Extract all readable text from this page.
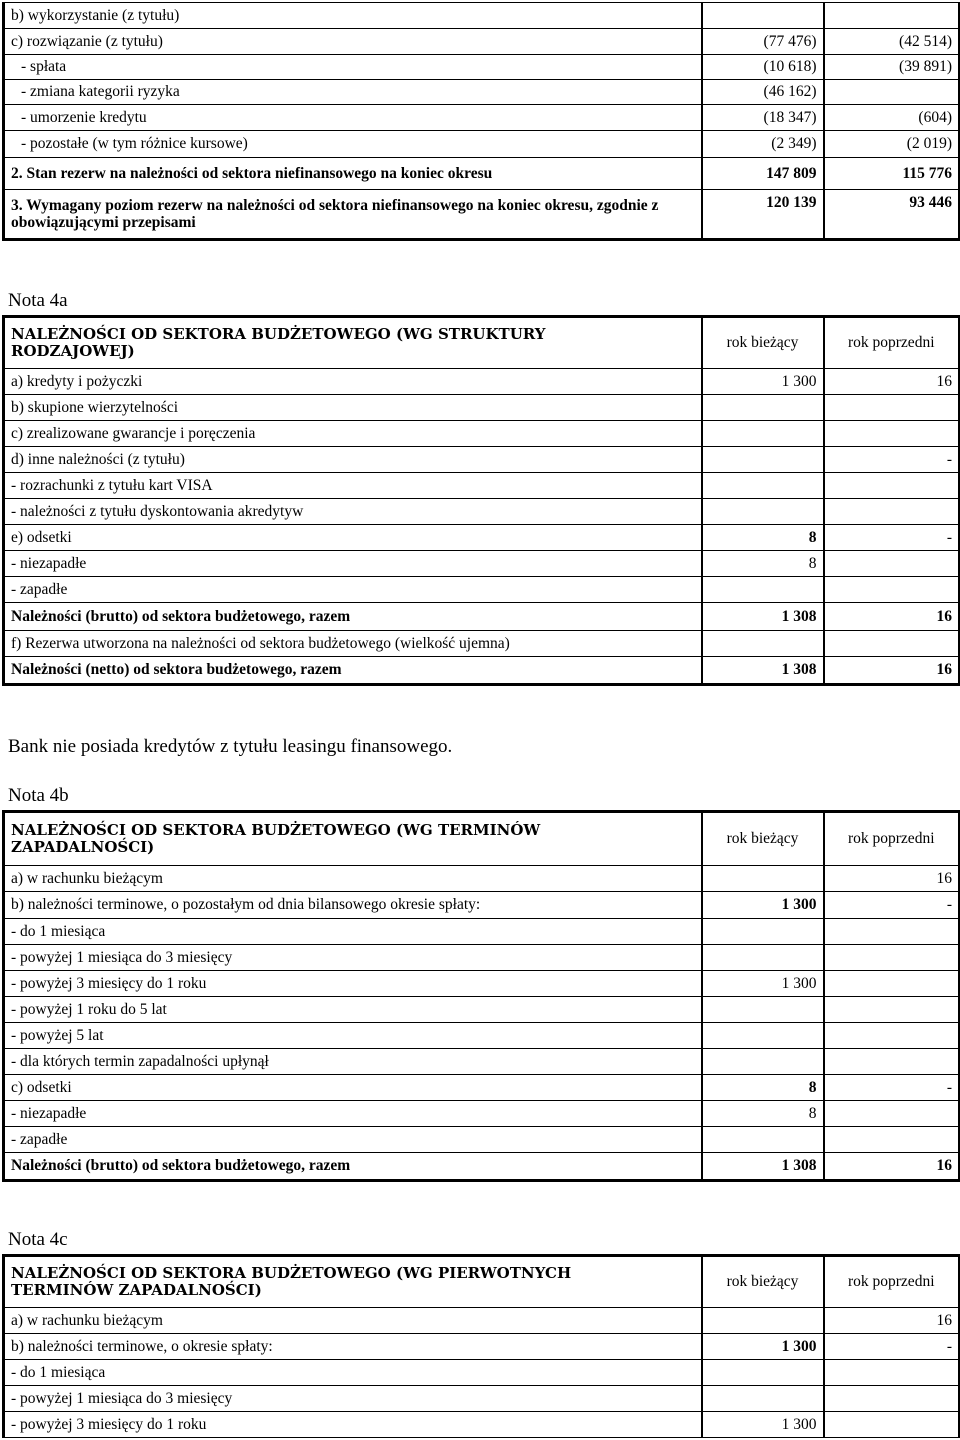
b) wykorzystanie (z tytułu)		
c) rozwiązanie (z tytułu)	(77 476)	(42 514)
- spłata	(10 618)	(39 891)
- zmiana kategorii ryzyka	(46 162)	
- umorzenie kredytu	(18 347)	(604)
- pozostałe (w tym różnice kursowe)	(2 349)	(2 019)
2. Stan rezerw na należności od sektora niefinansowego na koniec okresu	147 809	115 776
3. Wymagany poziom rezerw na należności od sektora niefinansowego na koniec okresu, zgodnie z obowiązującymi przepisami	120 139	93 446

Nota 4a

NALEŻNOŚCI OD SEKTORA BUDŻETOWEGO (WG STRUKTURY RODZAJOWEJ)	rok bieżący	rok poprzedni
a) kredyty i pożyczki	1 300	16
b) skupione wierzytelności		
c) zrealizowane gwarancje i poręczenia		
d) inne należności (z tytułu)		-
- rozrachunki z tytułu kart VISA		
- należności z tytułu dyskontowania akredytyw		
e) odsetki	8	-
- niezapadłe	8	
- zapadłe		
Należności (brutto) od sektora budżetowego, razem	1 308	16
f) Rezerwa utworzona na należności od sektora budżetowego (wielkość ujemna)		
Należności (netto) od sektora budżetowego, razem	1 308	16

Bank nie posiada kredytów z tytułu leasingu finansowego.

Nota 4b

NALEŻNOŚCI OD SEKTORA BUDŻETOWEGO (WG TERMINÓW ZAPADALNOŚCI)	rok bieżący	rok poprzedni
a) w rachunku bieżącym		16
b) należności terminowe, o pozostałym od dnia bilansowego okresie spłaty:	1 300	-
- do 1 miesiąca		
- powyżej 1 miesiąca do 3 miesięcy		
- powyżej 3 miesięcy do 1 roku	1 300	
- powyżej 1 roku do 5 lat		
- powyżej 5 lat		
- dla których termin zapadalności upłynął		
c) odsetki	8	-
- niezapadłe	8	
- zapadłe		
Należności (brutto) od sektora budżetowego, razem	1 308	16

Nota 4c

NALEŻNOŚCI OD SEKTORA BUDŻETOWEGO (WG PIERWOTNYCH TERMINÓW ZAPADALNOŚCI)	rok bieżący	rok poprzedni
a) w rachunku bieżącym		16
b) należności terminowe, o okresie spłaty:	1 300	-
- do 1 miesiąca		
- powyżej 1 miesiąca do 3 miesięcy		
- powyżej 3 miesięcy do 1 roku	1 300	
